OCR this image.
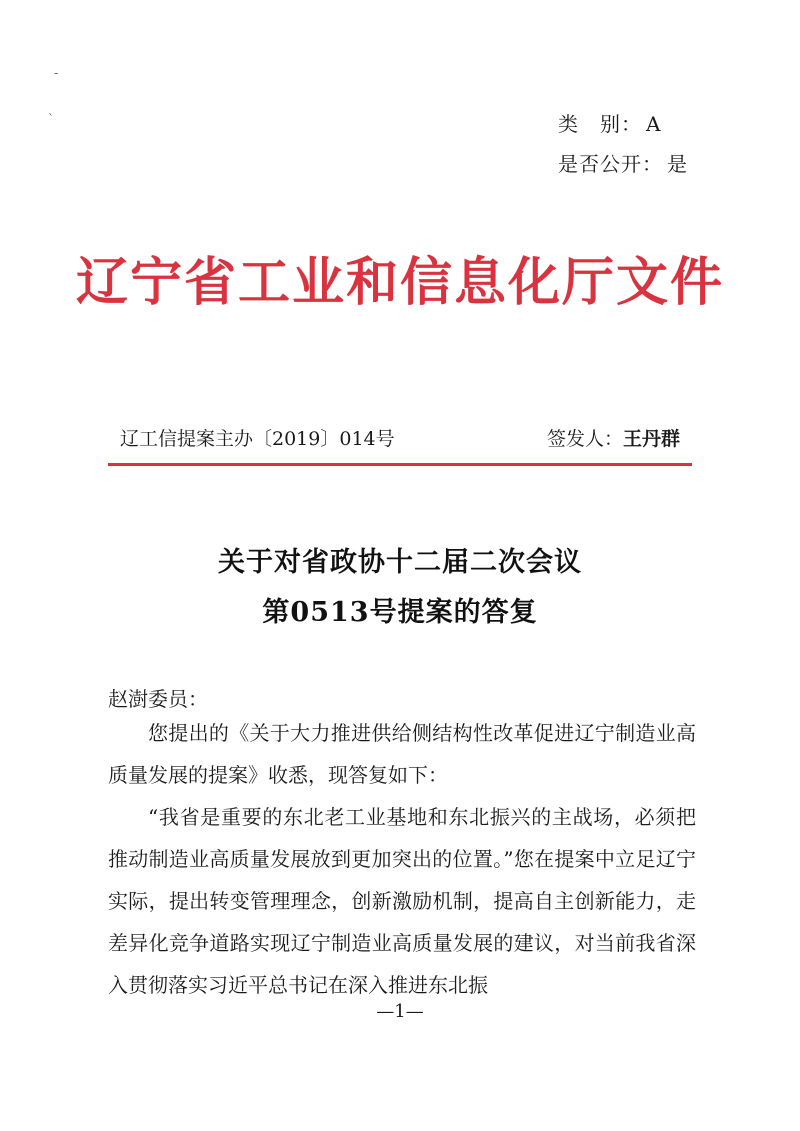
-
`	类　别： A
是否公开： 是
辽宁省工业和信息化厅文件
辽工信提案主办〔2019〕014号	签发人：王丹群
关于对省政协十二届二次会议
第0513号提案的答复
赵澍委员：
您提出的《关于大力推进供给侧结构性改革促进辽宁制造业高质量发展的提案》收悉，现答复如下：
“我省是重要的东北老工业基地和东北振兴的主战场，必须把推动制造业高质量发展放到更加突出的位置。”您在提案中立足辽宁实际，提出转变管理理念，创新激励机制，提高自主创新能力，走差异化竞争道路实现辽宁制造业高质量发展的建议，对当前我省深入贯彻落实习近平总书记在深入推进东北振
—1—
